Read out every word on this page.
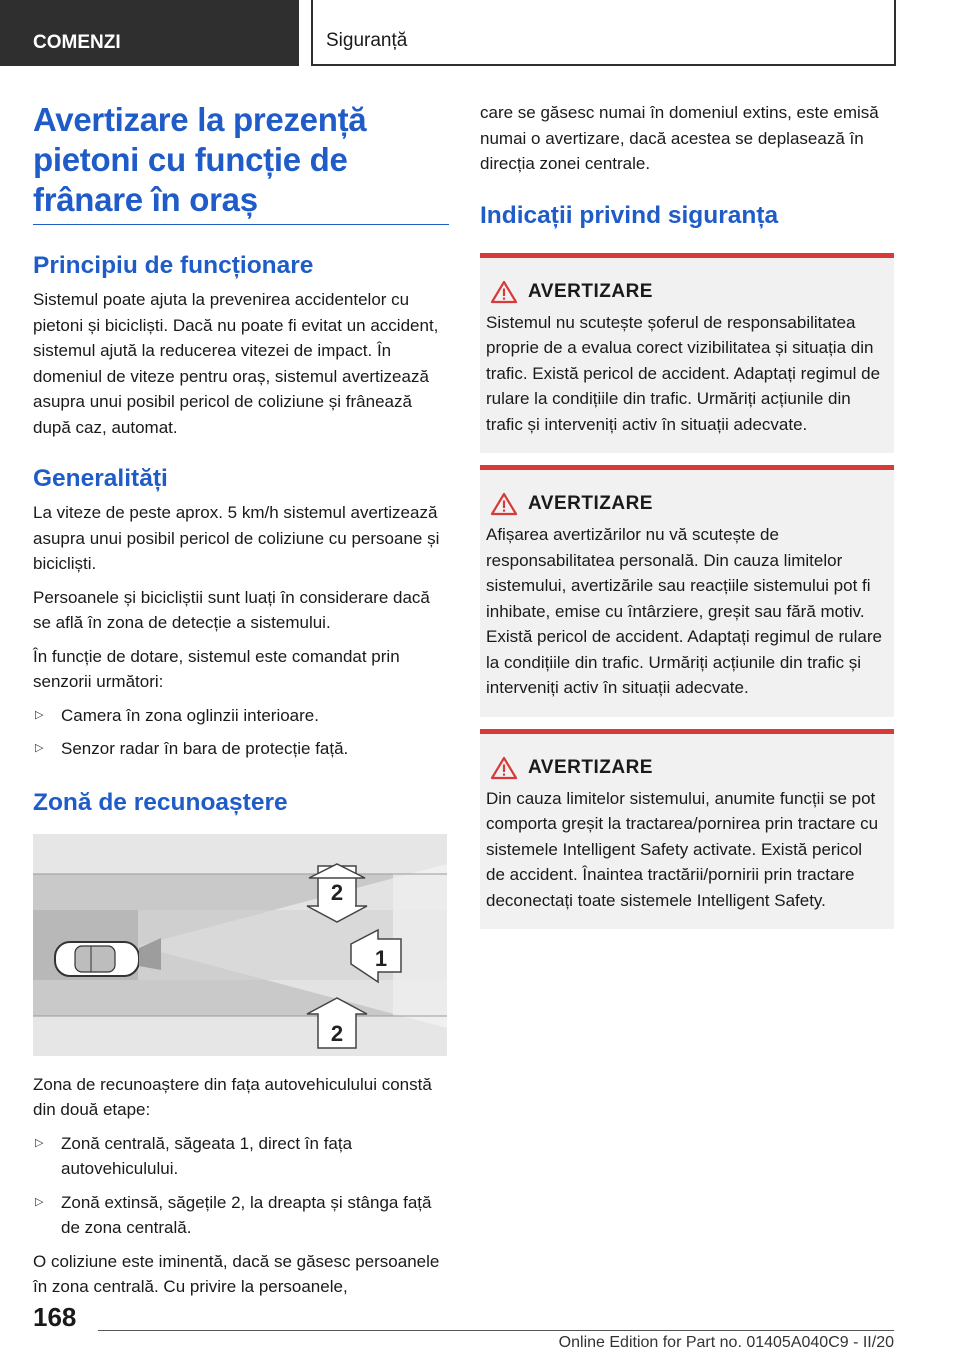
COMENZI	Siguranță
Avertizare la prezență pietoni cu funcție de frânare în oraș
Principiu de funcționare
Sistemul poate ajuta la prevenirea accidentelor cu pietoni și bicicliști. Dacă nu poate fi evitat un accident, sistemul ajută la reducerea vitezei de impact. În domeniul de viteze pentru oraș, sistemul avertizează asupra unui posibil pericol de coliziune și frânează după caz, automat.
Generalități
La viteze de peste aprox. 5 km/h sistemul avertizează asupra unui posibil pericol de coliziune cu persoane și bicicliști.
Persoanele și bicicliștii sunt luați în considerare dacă se află în zona de detecție a sistemului.
În funcție de dotare, sistemul este comandat prin senzorii următori:
▷ Camera în zona oglinzii interioare.
▷ Senzor radar în bara de protecție față.
Zonă de recunoaștere
2
1
2
Zona de recunoaștere din fața autovehiculului constă din două etape:
▷ Zonă centrală, săgeata 1, direct în fața autovehiculului.
▷ Zonă extinsă, săgețile 2, la dreapta și stânga față de zona centrală.
O coliziune este iminentă, dacă se găsesc persoanele în zona centrală. Cu privire la persoanele,
care se găsesc numai în domeniul extins, este emisă numai o avertizare, dacă acestea se deplasează în direcția zonei centrale.
Indicații privind siguranța
AVERTIZARE
Sistemul nu scutește șoferul de responsabilitatea proprie de a evalua corect vizibilitatea și situația din trafic. Există pericol de accident. Adaptați regimul de rulare la condițiile din trafic. Urmăriți acțiunile din trafic și interveniți activ în situații adecvate.
AVERTIZARE
Afișarea avertizărilor nu vă scutește de responsabilitatea personală. Din cauza limitelor sistemului, avertizările sau reacțiile sistemului pot fi inhibate, emise cu întârziere, greșit sau fără motiv. Există pericol de accident. Adaptați regimul de rulare la condițiile din trafic. Urmăriți acțiunile din trafic și interveniți activ în situații adecvate.
AVERTIZARE
Din cauza limitelor sistemului, anumite funcții se pot comporta greșit la tractarea/pornirea prin tractare cu sistemele Intelligent Safety activate. Există pericol de accident. Înaintea tractării/pornirii prin tractare deconectați toate sistemele Intelligent Safety.
168
Online Edition for Part no. 01405A040C9 - II/20
